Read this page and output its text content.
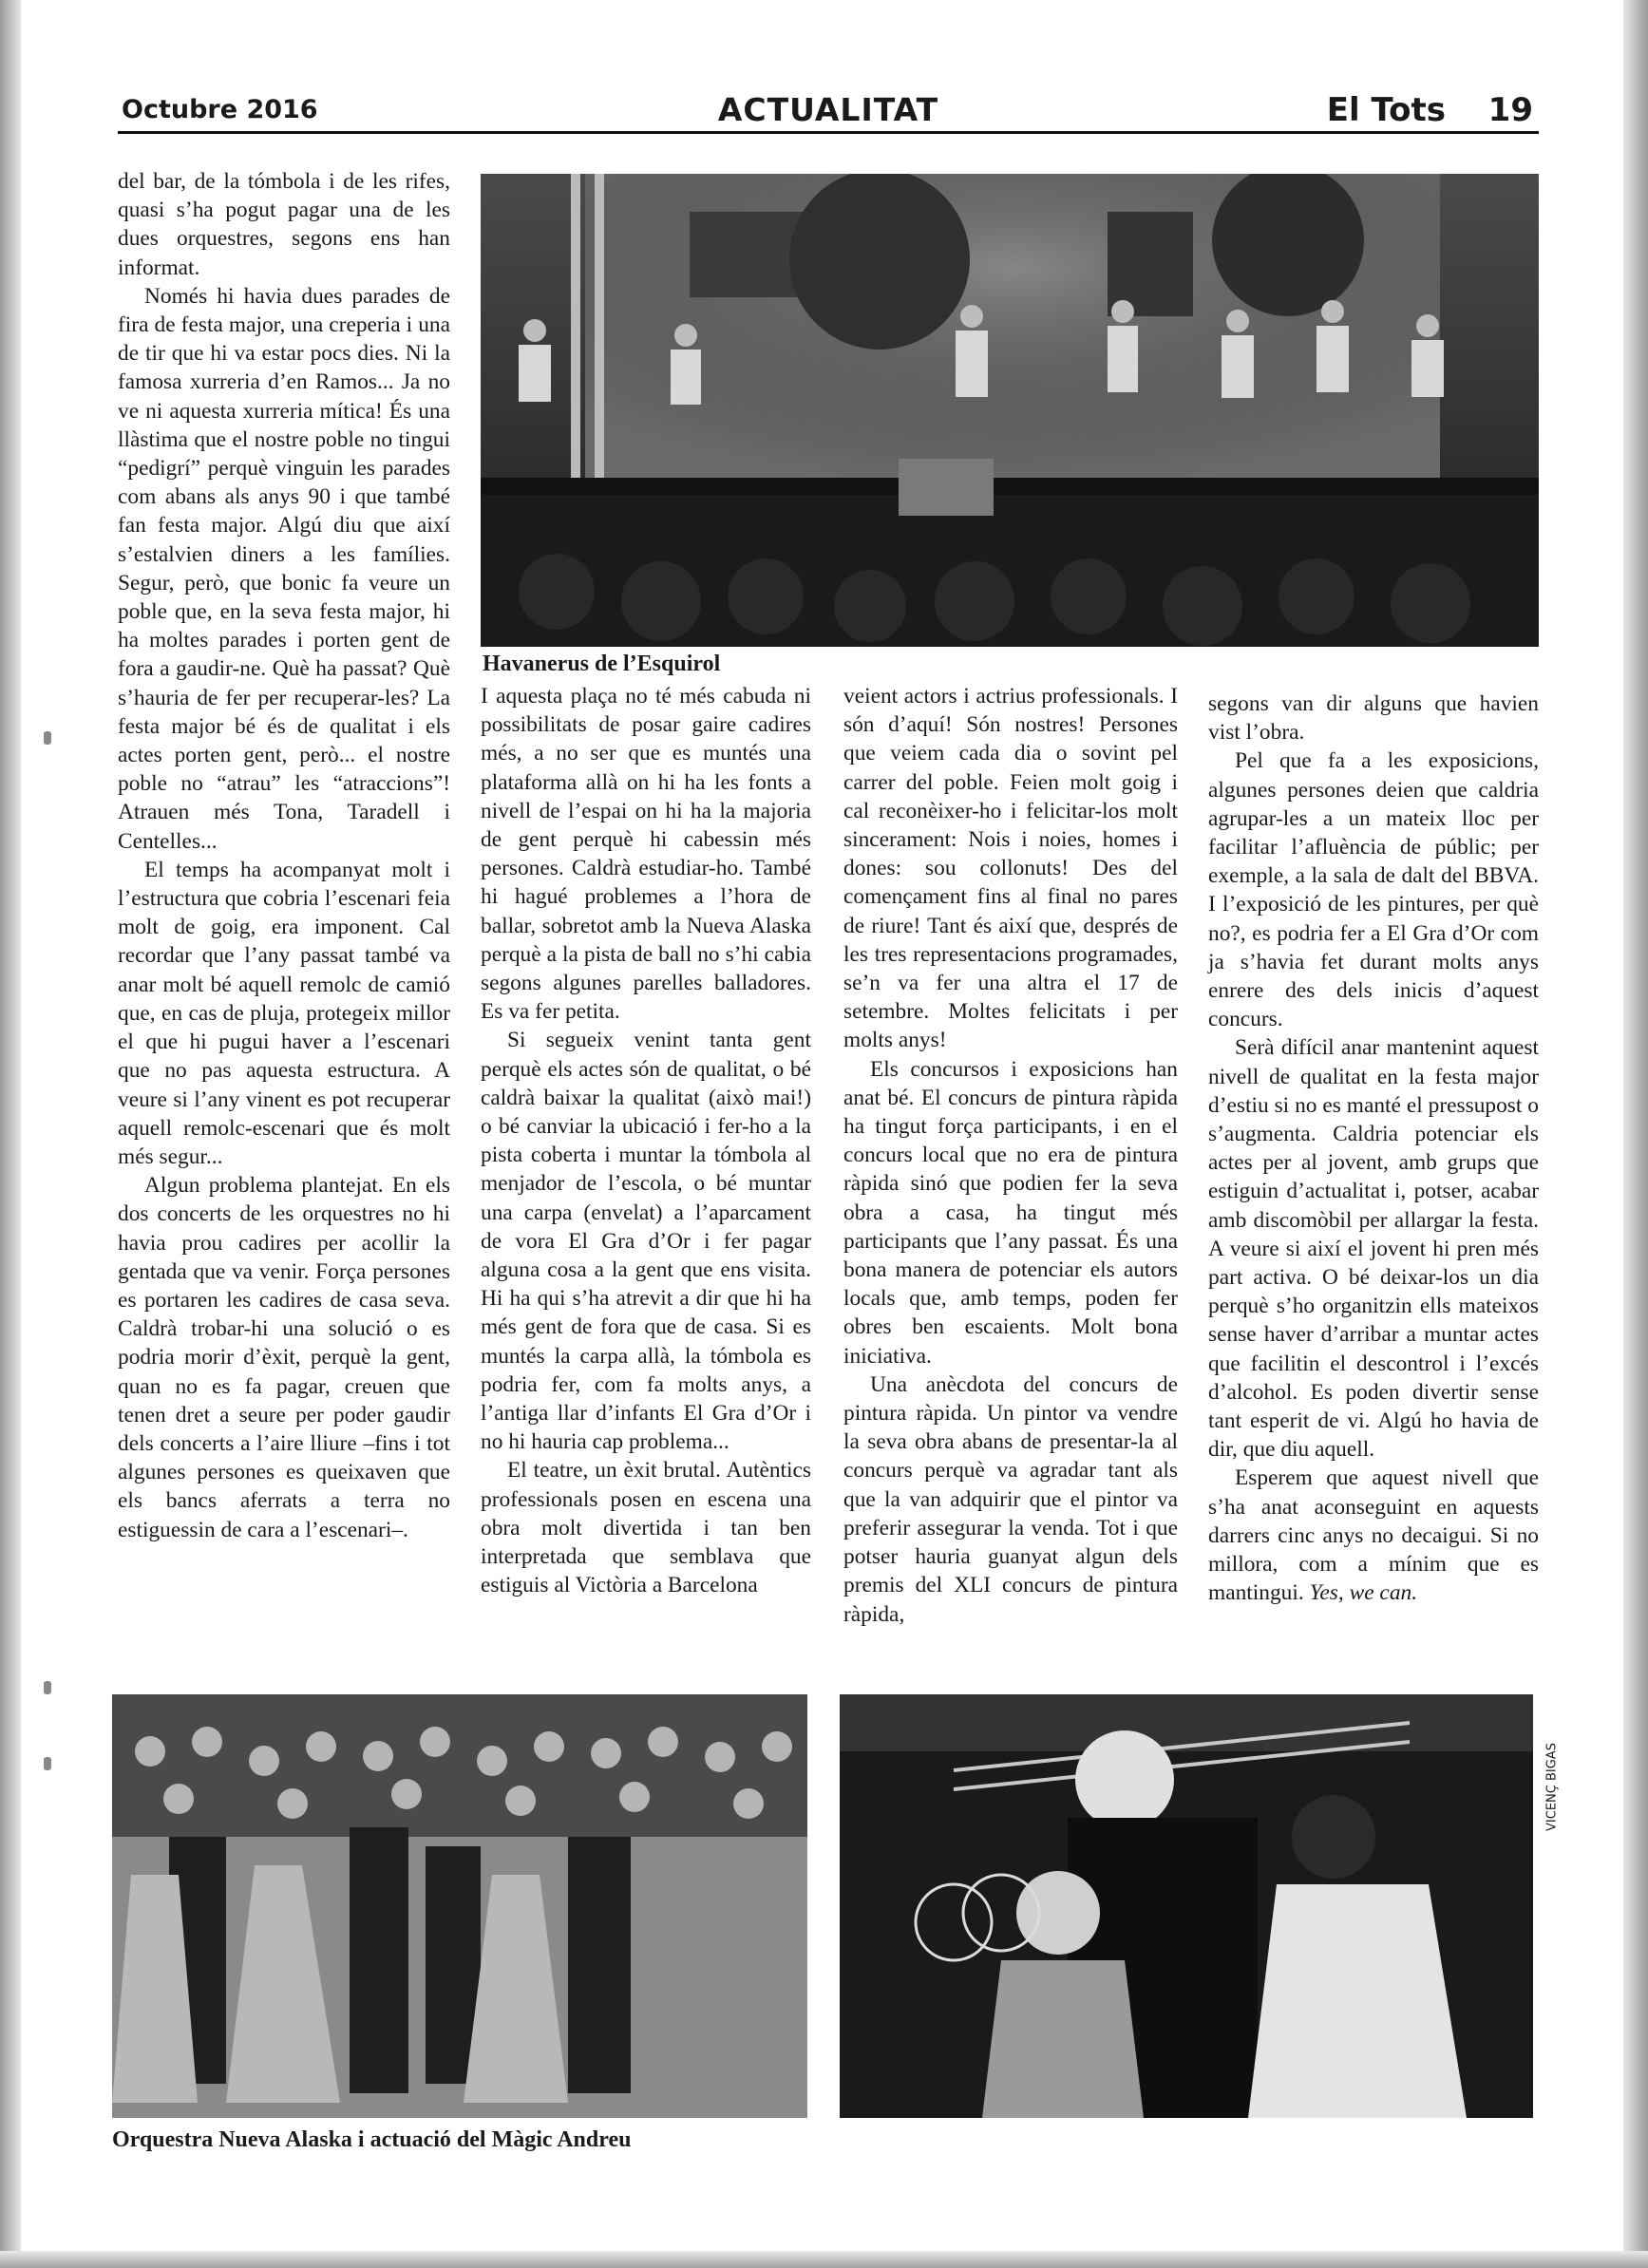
Octubre 2016	ACTUALITAT	El Tots 19
Havanerus de l’Esquirol

del bar, de la tómbola i de les rifes, quasi s’ha pogut pagar una de les dues orquestres, segons ens han informat.

Només hi havia dues parades de fira de festa major, una creperia i una de tir que hi va estar pocs dies. Ni la famosa xurreria d’en Ramos... Ja no ve ni aquesta xurreria mítica! És una llàstima que el nostre poble no tingui “pedigrí” perquè vinguin les parades com abans als anys 90 i que també fan festa major. Algú diu que així s’estalvien diners a les famílies. Segur, però, que bonic fa veure un poble que, en la seva festa major, hi ha moltes parades i porten gent de fora a gaudir-ne. Què ha passat? Què s’hauria de fer per recuperar-les? La festa major bé és de qualitat i els actes porten gent, però... el nostre poble no “atrau” les “atraccions”! Atrauen més Tona, Taradell i Centelles...

El temps ha acompanyat molt i l’estructura que cobria l’escenari feia molt de goig, era imponent. Cal recordar que l’any passat també va anar molt bé aquell remolc de camió que, en cas de pluja, protegeix millor el que hi pugui haver a l’escenari que no pas aquesta estructura. A veure si l’any vinent es pot recuperar aquell remolc-escenari que és molt més segur...

Algun problema plantejat. En els dos concerts de les orquestres no hi havia prou cadires per acollir la gentada que va venir. Força persones es portaren les cadires de casa seva. Caldrà trobar-hi una solució o es podria morir d’èxit, perquè la gent, quan no es fa pagar, creuen que tenen dret a seure per poder gaudir dels concerts a l’aire lliure –fins i tot algunes persones es queixaven que els bancs aferrats a terra no estiguessin de cara a l’escenari–.

I aquesta plaça no té més cabuda ni possibilitats de posar gaire cadires més, a no ser que es muntés una plataforma allà on hi ha les fonts a nivell de l’espai on hi ha la majoria de gent perquè hi cabessin més persones. Caldrà estudiar-ho. També hi hagué problemes a l’hora de ballar, sobretot amb la Nueva Alaska perquè a la pista de ball no s’hi cabia segons algunes parelles balladores. Es va fer petita.

Si segueix venint tanta gent perquè els actes són de qualitat, o bé caldrà baixar la qualitat (això mai!) o bé canviar la ubicació i fer-ho a la pista coberta i muntar la tómbola al menjador de l’escola, o bé muntar una carpa (envelat) a l’aparcament de vora El Gra d’Or i fer pagar alguna cosa a la gent que ens visita. Hi ha qui s’ha atrevit a dir que hi ha més gent de fora que de casa. Si es muntés la carpa allà, la tómbola es podria fer, com fa molts anys, a l’antiga llar d’infants El Gra d’Or i no hi hauria cap problema...

El teatre, un èxit brutal. Autèntics professionals posen en escena una obra molt divertida i tan ben interpretada que semblava que estiguis al Victòria a Barcelona

veient actors i actrius professionals. I són d’aquí! Són nostres! Persones que veiem cada dia o sovint pel carrer del poble. Feien molt goig i cal reconèixer-ho i felicitar-los molt sincerament: Nois i noies, homes i dones: sou collonuts! Des del començament fins al final no pares de riure! Tant és així que, després de les tres representacions programades, se’n va fer una altra el 17 de setembre. Moltes felicitats i per molts anys!

Els concursos i exposicions han anat bé. El concurs de pintura ràpida ha tingut força participants, i en el concurs local que no era de pintura ràpida sinó que podien fer la seva obra a casa, ha tingut més participants que l’any passat. És una bona manera de potenciar els autors locals que, amb temps, poden fer obres ben escaients. Molt bona iniciativa.

Una anècdota del concurs de pintura ràpida. Un pintor va vendre la seva obra abans de presentar-la al concurs perquè va agradar tant als que la van adquirir que el pintor va preferir assegurar la venda. Tot i que potser hauria guanyat algun dels premis del XLI concurs de pintura ràpida,

segons van dir alguns que havien vist l’obra.

Pel que fa a les exposicions, algunes persones deien que caldria agrupar-les a un mateix lloc per facilitar l’afluència de públic; per exemple, a la sala de dalt del BBVA. I l’exposició de les pintures, per què no?, es podria fer a El Gra d’Or com ja s’havia fet durant molts anys enrere des dels inicis d’aquest concurs.

Serà difícil anar mantenint aquest nivell de qualitat en la festa major d’estiu si no es manté el pressupost o s’augmenta. Caldria potenciar els actes per al jovent, amb grups que estiguin d’actualitat i, potser, acabar amb discomòbil per allargar la festa. A veure si així el jovent hi pren més part activa. O bé deixar-los un dia perquè s’ho organitzin ells mateixos sense haver d’arribar a muntar actes que facilitin el descontrol i l’excés d’alcohol. Es poden divertir sense tant esperit de vi. Algú ho havia de dir, que diu aquell.

Esperem que aquest nivell que s’ha anat aconseguint en aquests darrers cinc anys no decaigui. Si no millora, com a mínim que es mantingui. Yes, we can.

VICENÇ BIGAS
Orquestra Nueva Alaska i actuació del Màgic Andreu
